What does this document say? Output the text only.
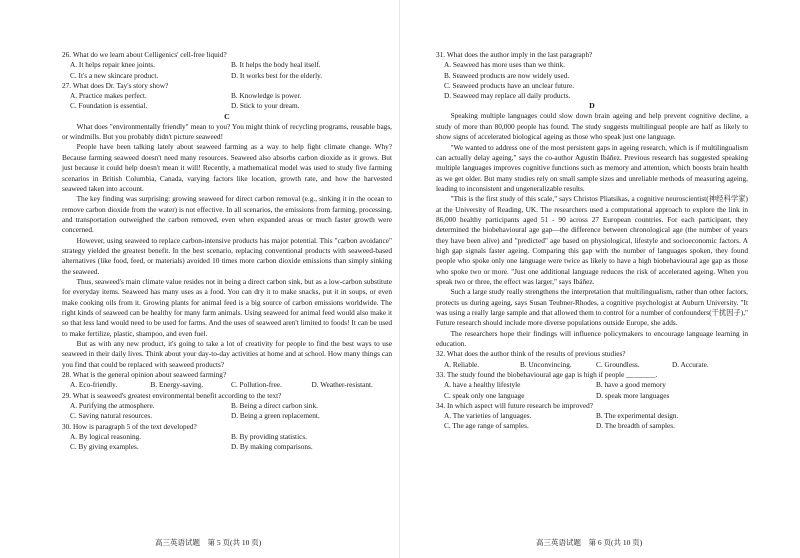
26. What do we learn about Celligenics' cell-free liquid?

A. It helps repair knee joints.	B. It helps the body heal itself.
C. It's a new skincare product.	D. It works best for the elderly.

27. What does Dr. Tay's story show?

A. Practice makes perfect.	B. Knowledge is power.
C. Foundation is essential.	D. Stick to your dream.

C

What does "environmentally friendly" mean to you? You might think of recycling programs, reusable bags, or windmills. But you probably didn't picture seaweed!

People have been talking lately about seaweed farming as a way to help fight climate change. Why? Because farming seaweed doesn't need many resources. Seaweed also absorbs carbon dioxide as it grows. But just because it could help doesn't mean it will! Recently, a mathematical model was used to study five farming scenarios in British Columbia, Canada, varying factors like location, growth rate, and how the harvested seaweed taken into account.

The key finding was surprising: growing seaweed for direct carbon removal (e.g., sinking it in the ocean to remove carbon dioxide from the water) is not effective. In all scenarios, the emissions from farming, processing, and transportation outweighed the carbon removed, even when expanded areas or much faster growth were concerned.

However, using seaweed to replace carbon-intensive products has major potential. This "carbon avoidance" strategy yielded the greatest benefit. In the best scenario, replacing conventional products with seaweed-based alternatives (like food, feed, or materials) avoided 10 times more carbon dioxide emissions than simply sinking the seaweed.

Thus, seaweed's main climate value resides not in being a direct carbon sink, but as a low-carbon substitute for everyday items. Seaweed has many uses as a food. You can dry it to make snacks, put it in soups, or even make cooking oils from it. Growing plants for animal feed is a big source of carbon emissions worldwide. The right kinds of seaweed can be healthy for many farm animals. Using seaweed for animal feed would also make it so that less land would need to be used for farms. And the uses of seaweed aren't limited to foods! It can be used to make fertilize, plastic, shampoo, and even fuel.

But as with any new product, it's going to take a lot of creativity for people to find the best ways to use seaweed in their daily lives. Think about your day-to-day activities at home and at school. How many things can you find that could be replaced with seaweed products?

28. What is the general opinion about seaweed farming?

A. Eco-friendly.	B. Energy-saving.	C. Pollution-free.	D. Weather-resistant.

29. What is seaweed's greatest environmental benefit according to the text?

A. Purifying the atmosphere.	B. Being a direct carbon sink.
C. Saving natural resources.	D. Being a green replacement.

30. How is paragraph 5 of the text developed?

A. By logical reasoning.	B. By providing statistics.
C. By giving examples.	D. By making comparisons.
高三英语试题　第 5 页(共 10 页)

31. What does the author imply in the last paragraph?

A. Seaweed has more uses than we think.
B. Seaweed products are now widely used.
C. Seaweed products have an unclear future.
D. Seaweed may replace all daily products.

D

Speaking multiple languages could slow down brain ageing and help prevent cognitive decline, a study of more than 80,000 people has found. The study suggests multilingual people are half as likely to show signs of accelerated biological ageing as those who speak just one language.

"We wanted to address one of the most persistent gaps in ageing research, which is if multilingualism can actually delay ageing," says the co-author Agustín Ibáñez. Previous research has suggested speaking multiple languages improves cognitive functions such as memory and attention, which boosts brain health as we get older. But many studies rely on small sample sizes and unreliable methods of measuring ageing, leading to inconsistent and ungeneralizable results.

"This is the first study of this scale," says Christos Pliatsikas, a cognitive neuroscientist(神经科学家) at the University of Reading, UK. The researchers used a computational approach to explore the link in 86,000 healthy participants aged 51 - 90 across 27 European countries. For each participant, they determined the biobehavioural age gap—the difference between chronological age (the number of years they have been alive) and "predicted" age based on physiological, lifestyle and socioeconomic factors. A high gap signals faster ageing. Comparing this gap with the number of languages spoken, they found people who spoke only one language were twice as likely to have a high biobehavioural age gap as those who spoke two or more. "Just one additional language reduces the risk of accelerated ageing. When you speak two or three, the effect was larger," says Ibáñez.

Such a large study really strengthens the interpretation that multilingualism, rather than other factors, protects us during ageing, says Susan Teubner-Rhodes, a cognitive psychologist at Auburn University. "It was using a really large sample and that allowed them to control for a number of confounders(干扰因子)," Future research should include more diverse populations outside Europe, she adds.

The researchers hope their findings will influence policymakers to encourage language learning in education.

32. What does the author think of the results of previous studies?

A. Reliable.	B. Unconvincing.	C. Groundless.	D. Accurate.

33. The study found the biobehavioural age gap is high if people ________.

A. have a healthy lifestyle	B. have a good memory
C. speak only one language	D. speak more languages

34. In which aspect will future research be improved?

A. The varieties of languages.	B. The experimental design.
C. The age range of samples.	D. The breadth of samples.
高三英语试题　第 6 页(共 10 页)
